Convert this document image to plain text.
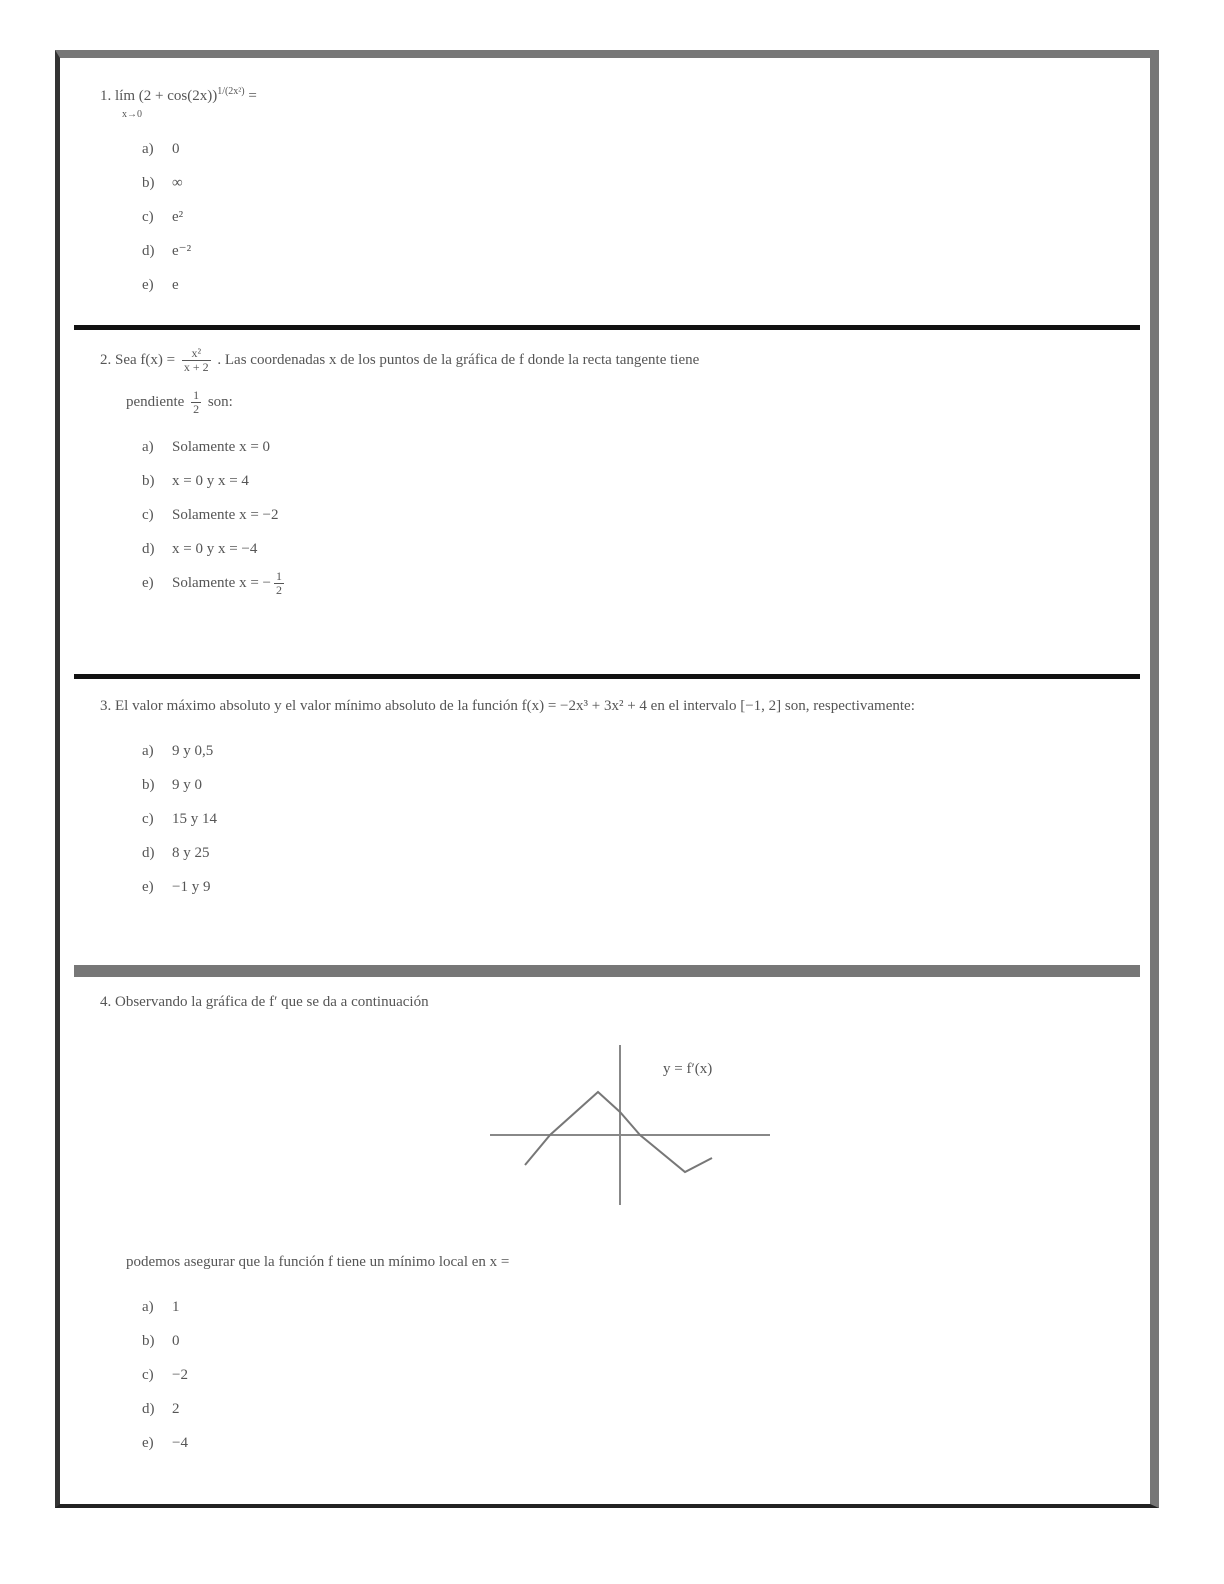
1. lím $(2 + \cos(2x))^{1/(2x^2)}$ =
x→0
a) 0
b) ∞
c) e²
d) e⁻²
e) e
2. Sea $f(x) = \frac{\text{x²}}{x + 2}$ . Las coordenadas x de los puntos de la gráfica de f donde la recta tangente tiene
pendiente $\frac{1}{2}$ son:
a) Solamente x = 0
b) x = 0 y x = 4
c) Solamente x = −2
d) x = 0 y x = −4
e) Solamente x = − $\frac{1}{2}$
3. El valor máximo absoluto y el valor mínimo absoluto de la función f(x) = −2x³ + 3x² + 4 en el intervalo [−1, 2] son, respectivamente:
a) 9 y 0,5
b) 9 y 0
c) 15 y 14
d) 8 y 25
e) −1 y 9
4. Observando la gráfica de f′ que se da a continuación
y = f′(x)
podemos asegurar que la función f tiene un mínimo local en x =
a) 1
b) 0
c) −2
d) 2
e) −4
